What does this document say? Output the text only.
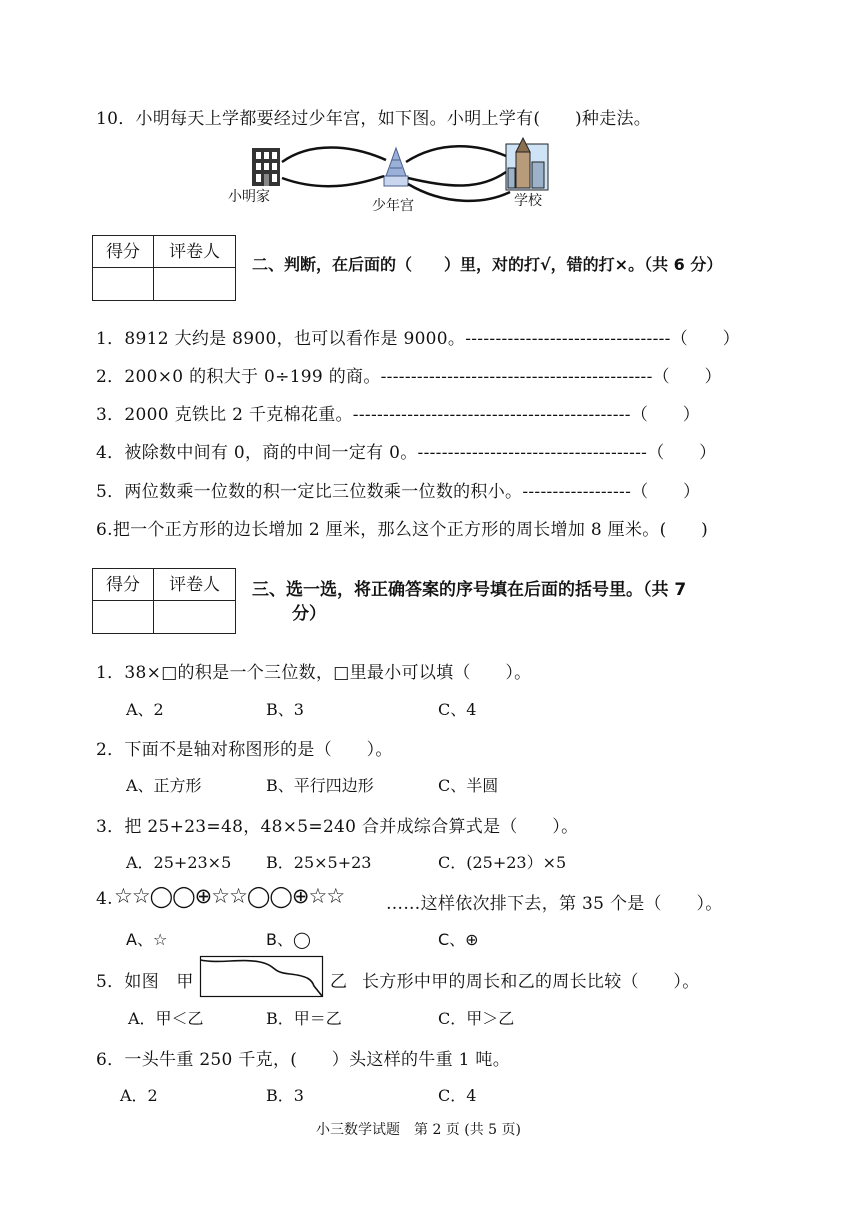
10．小明每天上学都要经过少年宫，如下图。小明上学有(　　)种走法。
小明家
少年宫	学校
得分	评卷人
二、判断，在后面的（　　）里，对的打√，错的打×。（共 6 分）
1．8912 大约是 8900，也可以看作是 9000。----------------------------------（　　）
2．200×0 的积大于 0÷199 的商。---------------------------------------------（　　）
3．2000 克铁比 2 千克棉花重。----------------------------------------------（　　）
4．被除数中间有 0，商的中间一定有 0。--------------------------------------（　　）
5．两位数乘一位数的积一定比三位数乘一位数的积小。------------------（　　）
6.把一个正方形的边长增加 2 厘米，那么这个正方形的周长增加 8 厘米。(　　)
得分	评卷人	三、选一选，将正确答案的序号填在后面的括号里。（共 7
分）
1．38×□的积是一个三位数，□里最小可以填（　　）。
A、2	B、3	C、4
2．下面不是轴对称图形的是（　　）。
A、正方形	B、平行四边形	C、半圆
3．把 25+23=48，48×5=240 合并成综合算式是（　　）。
A．25+23×5 B．25×5+23	C．(25+23）×5
4. ☆☆◯◯⊕☆☆◯◯⊕☆☆ ……这样依次排下去，第 35 个是（　　）。
A、☆	B、◯	C、⊕
5．如图　甲	乙 长方形中甲的周长和乙的周长比较（　　）。
A．甲＜乙	B．甲＝乙	C．甲＞乙
6．一头牛重 250 千克，(　　）头这样的牛重 1 吨。
A．2	B．3	C．4
小三数学试题　第 2 页 (共 5 页)
